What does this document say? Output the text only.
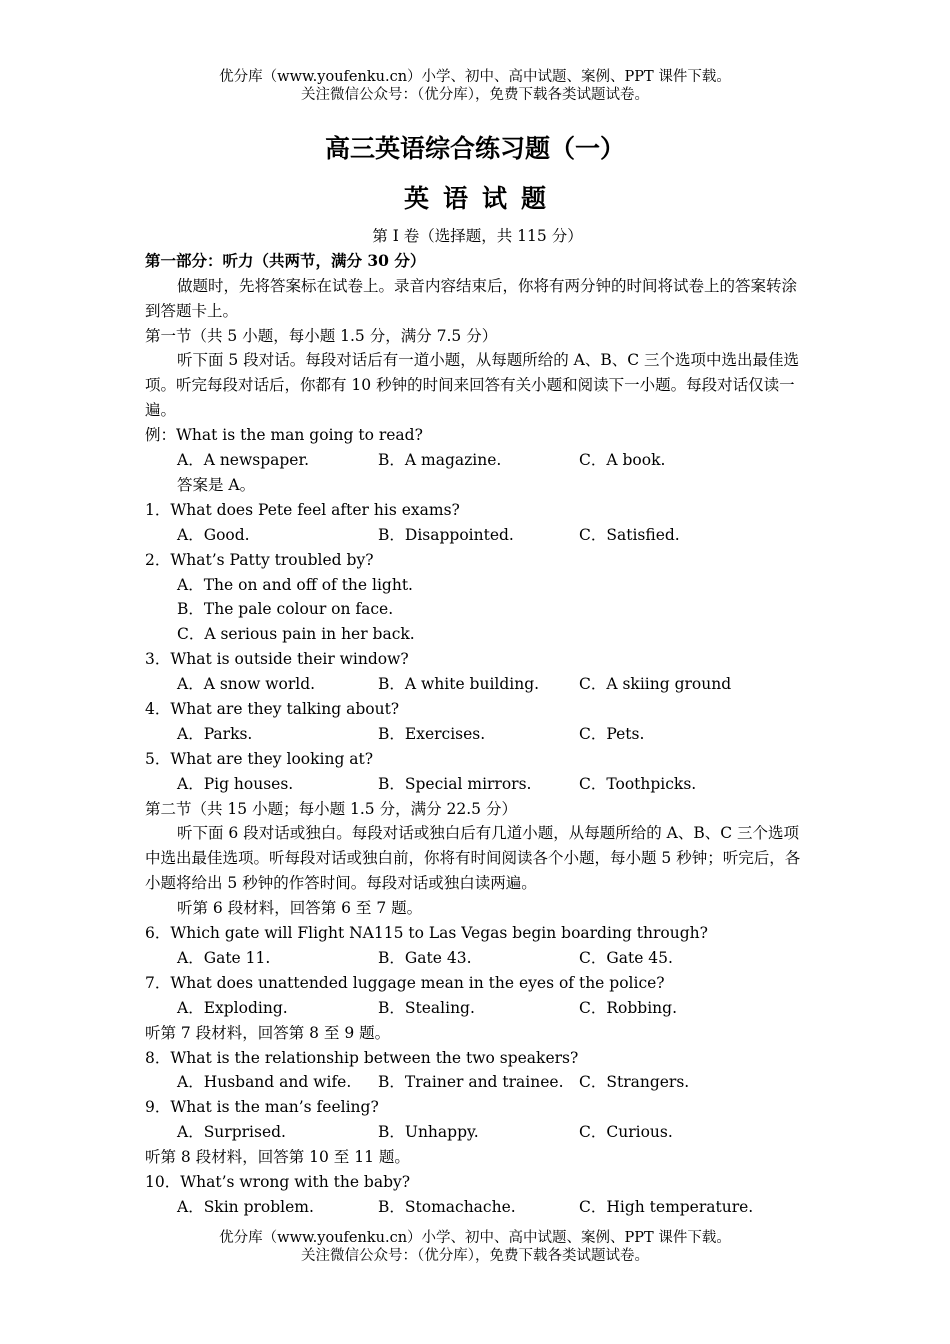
优分库（www.youfenku.cn）小学、初中、高中试题、案例、PPT 课件下载。
关注微信公众号：（优分库），免费下载各类试题试卷。
高三英语综合练习题（一）
英语试题
第 Ⅰ 卷（选择题，共 115 分）
第一部分：听力（共两节，满分 30 分）
做题时，先将答案标在试卷上。录音内容结束后，你将有两分钟的时间将试卷上的答案转涂到答题卡上。
第一节（共 5 小题，每小题 1.5 分，满分 7.5 分）
听下面 5 段对话。每段对话后有一道小题，从每题所给的 A、B、C 三个选项中选出最佳选项。听完每段对话后，你都有 10 秒钟的时间来回答有关小题和阅读下一小题。每段对话仅读一遍。
例：What is the man going to read?
A．A newspaper.	B．A magazine.	C．A book.
答案是 A。
1．What does Pete feel after his exams?
A．Good.	B．Disappointed.	C．Satisfied.
2．What’s Patty troubled by?
A．The on and off of the light.
B．The pale colour on face.
C．A serious pain in her back.
3．What is outside their window?
A．A snow world.	B．A white building.	C．A skiing ground
4．What are they talking about?
A．Parks.	B．Exercises.	C．Pets.
5．What are they looking at?
A．Pig houses.	B．Special mirrors.	C．Toothpicks.
第二节（共 15 小题；每小题 1.5 分，满分 22.5 分）
听下面 6 段对话或独白。每段对话或独白后有几道小题，从每题所给的 A、B、C 三个选项中选出最佳选项。听每段对话或独白前，你将有时间阅读各个小题，每小题 5 秒钟；听完后，各小题将给出 5 秒钟的作答时间。每段对话或独白读两遍。
听第 6 段材料，回答第 6 至 7 题。
6．Which gate will Flight NA115 to Las Vegas begin boarding through?
A．Gate 11.	B．Gate 43.	C．Gate 45.
7．What does unattended luggage mean in the eyes of the police?
A．Exploding.	B．Stealing.	C．Robbing.
听第 7 段材料，回答第 8 至 9 题。
8．What is the relationship between the two speakers?
A．Husband and wife.	B．Trainer and trainee.	C．Strangers.
9．What is the man’s feeling?
A．Surprised.	B．Unhappy.	C．Curious.
听第 8 段材料，回答第 10 至 11 题。
10．What’s wrong with the baby?
A．Skin problem.	B．Stomachache.	C．High temperature.
优分库（www.youfenku.cn）小学、初中、高中试题、案例、PPT 课件下载。
关注微信公众号：（优分库），免费下载各类试题试卷。
